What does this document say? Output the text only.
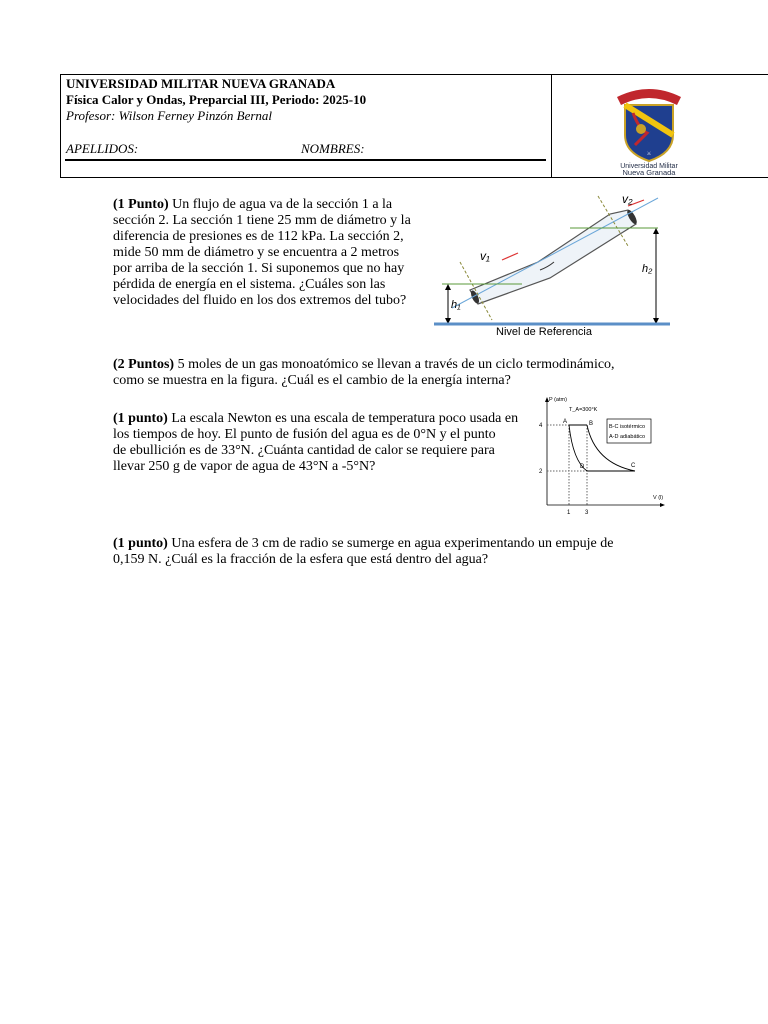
UNIVERSIDAD MILITAR NUEVA GRANADA
Física Calor y Ondas, Preparcial III, Periodo: 2025-10
Profesor: Wilson Ferney Pinzón Bernal
APELLIDOS:	NOMBRES:	⚔
Universidad Militar
Nueva Granada
(1 Punto) Un flujo de agua va de la sección 1 a la
sección 2. La sección 1 tiene 25 mm de diámetro y la
diferencia de presiones es de 112 kPa. La sección 2,
mide 50 mm de diámetro y se encuentra a 2 metros
por arriba de la sección 1. Si suponemos que no hay
pérdida de energía en el sistema. ¿Cuáles son las
velocidades del fluido en los dos extremos del tubo?
v₁
v₂
h₁
h₂
Nivel de Referencia
(2 Puntos) 5 moles de un gas monoatómico se llevan a través de un ciclo termodinámico,
como se muestra en la figura. ¿Cuál es el cambio de la energía interna?
(1 punto) La escala Newton es una escala de temperatura poco usada en
los tiempos de hoy. El punto de fusión del agua es de 0°N y el punto
de ebullición es de 33°N. ¿Cuánta cantidad de calor se requiere para
llevar 250 g de vapor de agua de 43°N a -5°N?
B-C isotérmico
A-D adiabático
P (atm)
V (l)
T_A=300°K
A	B
C
D
4
2
1 3
(1 punto) Una esfera de 3 cm de radio se sumerge en agua experimentando un empuje de
0,159 N. ¿Cuál es la fracción de la esfera que está dentro del agua?
